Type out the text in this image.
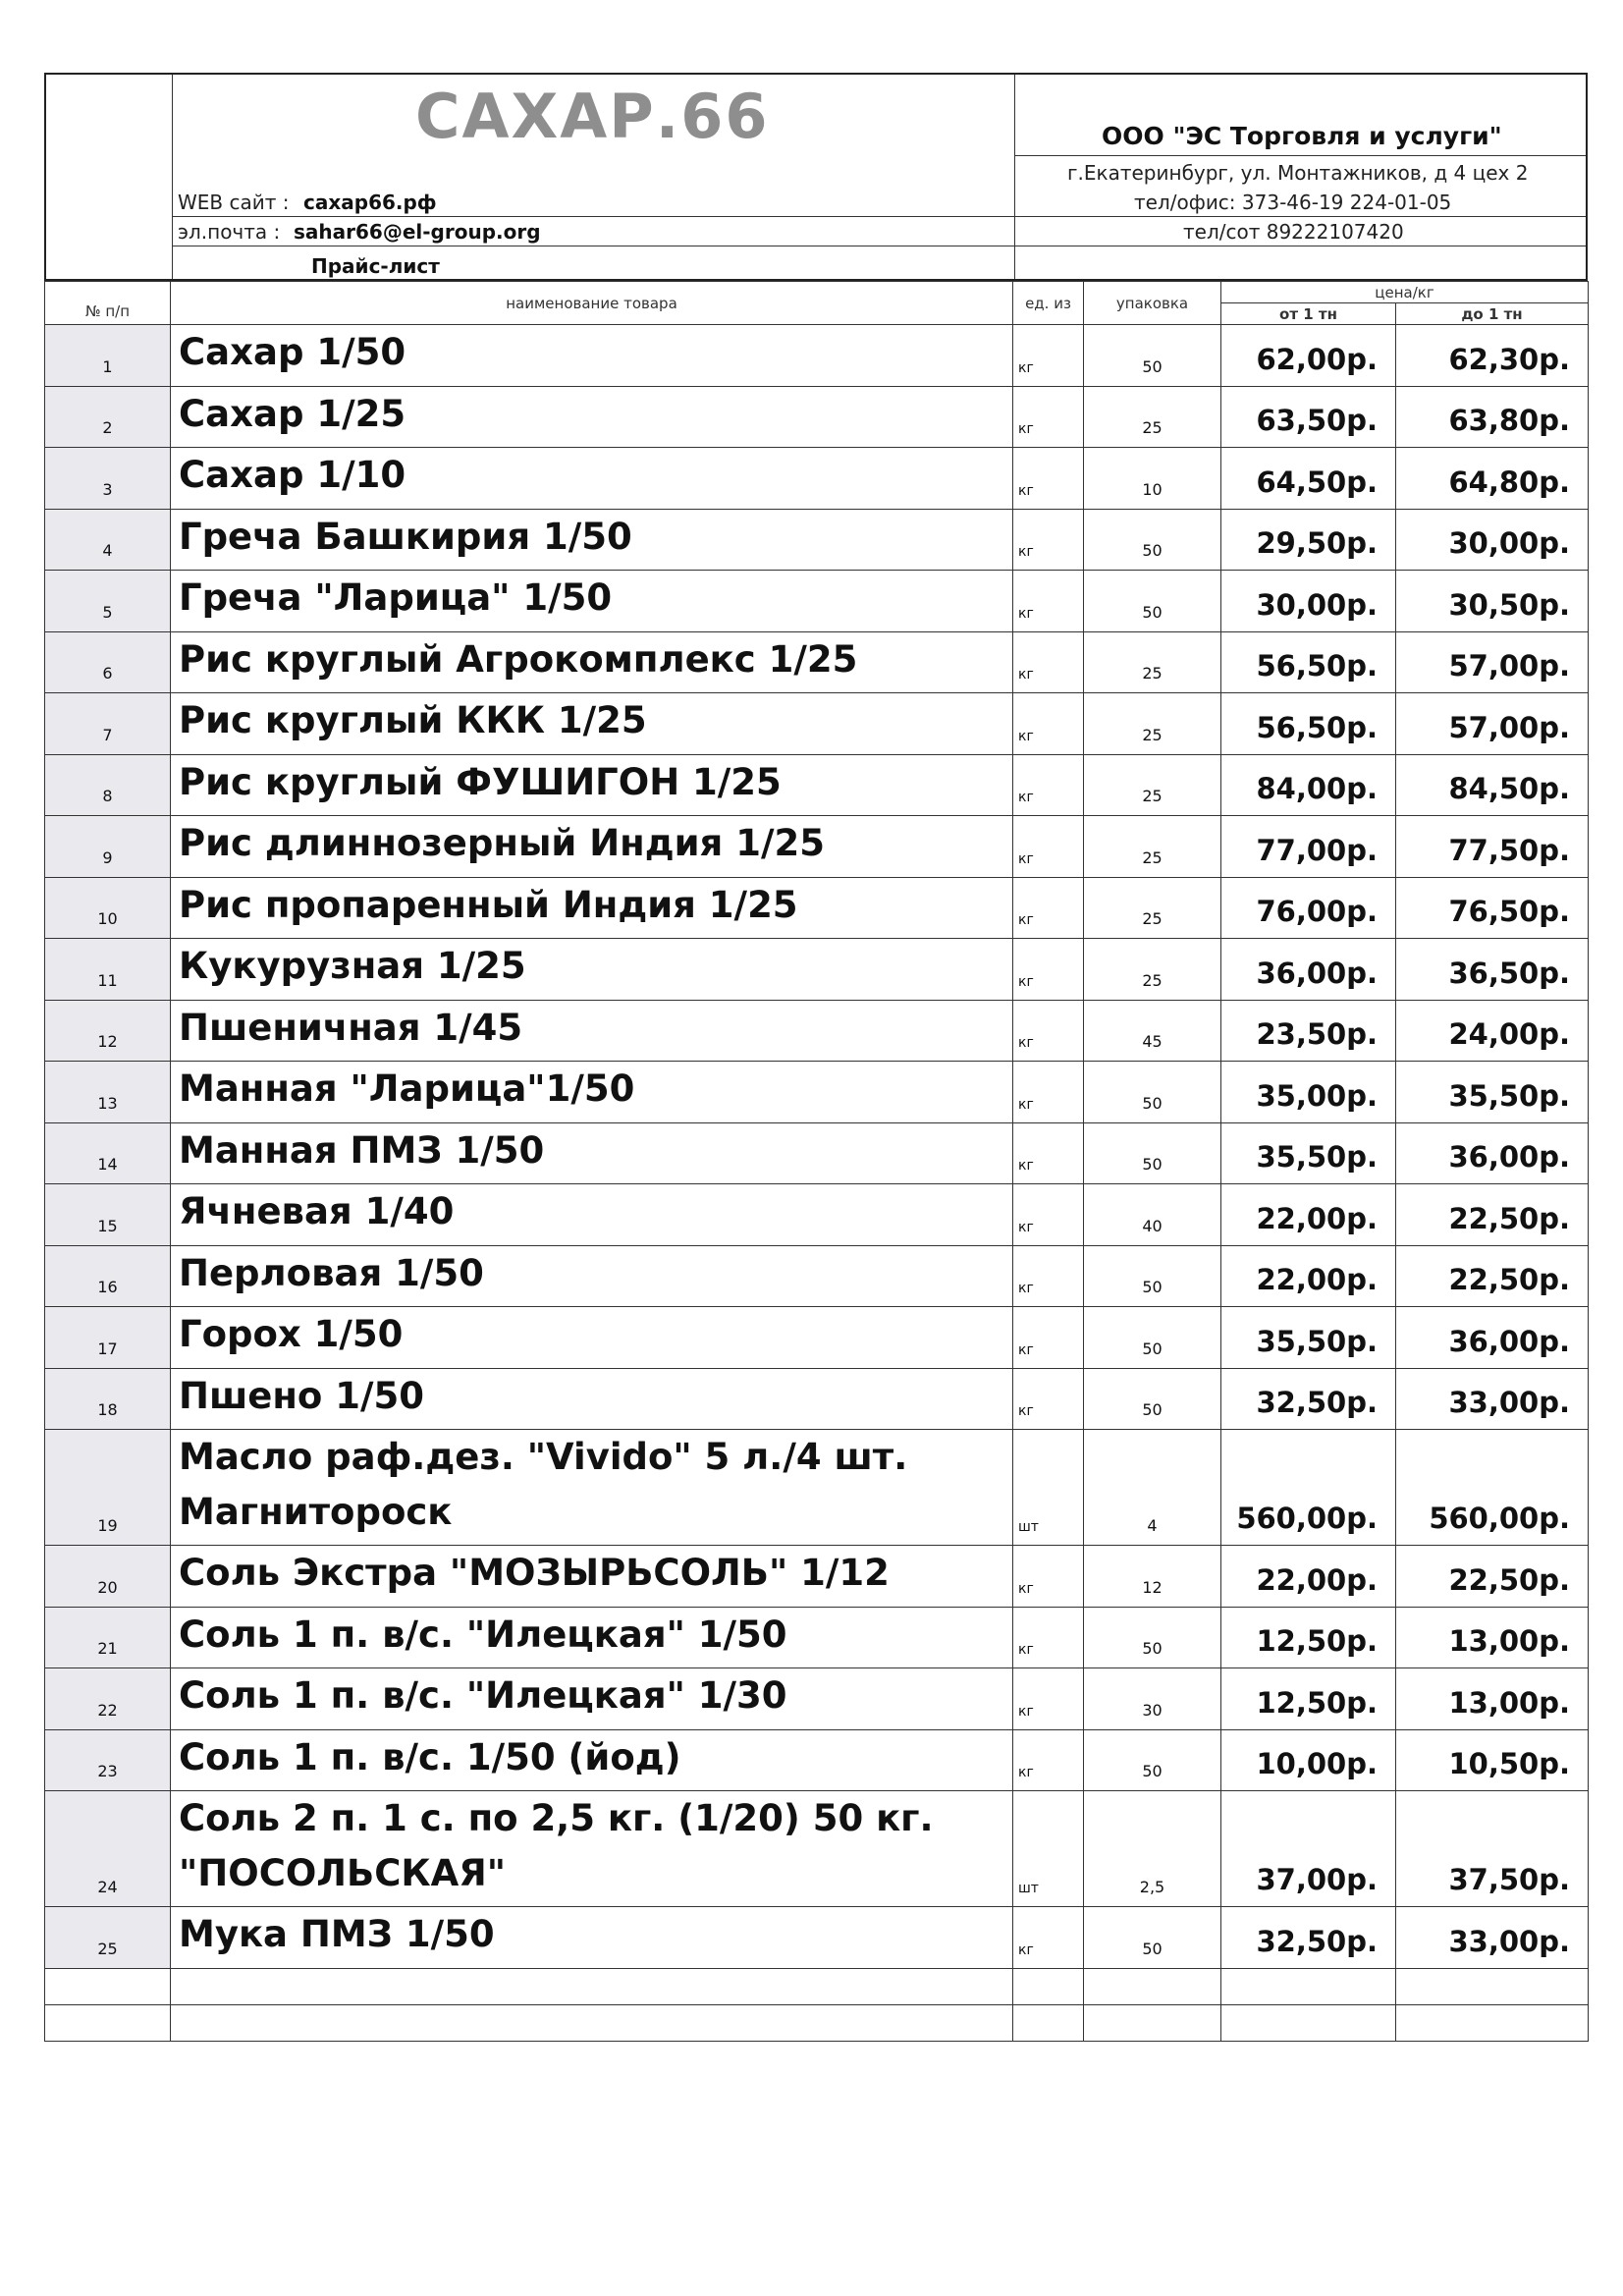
САХАР.66	ООО "ЭС Торговля и услуги"
г.Екатеринбург, ул. Монтажников, д 4 цех 2
WEB сайт : сахар66.рф	тел/офис: 373-46-19 224-01-05
эл.почта : sahar66@el-group.org	тел/сот 89222107420
Прайс-лист
№ п/п	наименование товара	ед. из	упаковка	цена/кг	
				от 1 тн	до 1 тн
1	Сахар 1/50	кг	50	62,00р.	62,30р.
2	Сахар 1/25	кг	25	63,50р.	63,80р.
3	Сахар 1/10	кг	10	64,50р.	64,80р.
4	Греча Башкирия 1/50	кг	50	29,50р.	30,00р.
5	Греча "Ларица" 1/50	кг	50	30,00р.	30,50р.
6	Рис круглый Агрокомплекс 1/25	кг	25	56,50р.	57,00р.
7	Рис круглый ККК 1/25	кг	25	56,50р.	57,00р.
8	Рис круглый ФУШИГОН 1/25	кг	25	84,00р.	84,50р.
9	Рис длиннозерный Индия 1/25	кг	25	77,00р.	77,50р.
10	Рис пропаренный Индия 1/25	кг	25	76,00р.	76,50р.
11	Кукурузная 1/25	кг	25	36,00р.	36,50р.
12	Пшеничная 1/45	кг	45	23,50р.	24,00р.
13	Манная "Ларица"1/50	кг	50	35,00р.	35,50р.
14	Манная ПМЗ 1/50	кг	50	35,50р.	36,00р.
15	Ячневая 1/40	кг	40	22,00р.	22,50р.
16	Перловая 1/50	кг	50	22,00р.	22,50р.
17	Горох 1/50	кг	50	35,50р.	36,00р.
18	Пшено 1/50	кг	50	32,50р.	33,00р.
19	Масло раф.дез. "Vivido" 5 л./4 шт.
Магнитороск	шт	4	560,00р.	560,00р.
20	Соль Экстра "МОЗЫРЬСОЛЬ" 1/12	кг	12	22,00р.	22,50р.
21	Соль 1 п. в/с. "Илецкая" 1/50	кг	50	12,50р.	13,00р.
22	Соль 1 п. в/с. "Илецкая" 1/30	кг	30	12,50р.	13,00р.
23	Соль 1 п. в/с. 1/50 (йод)	кг	50	10,00р.	10,50р.
24	Соль 2 п. 1 с. по 2,5 кг. (1/20) 50 кг.
"ПОСОЛЬСКАЯ"	шт	2,5	37,00р.	37,50р.
25	Мука ПМЗ 1/50	кг	50	32,50р.	33,00р.
